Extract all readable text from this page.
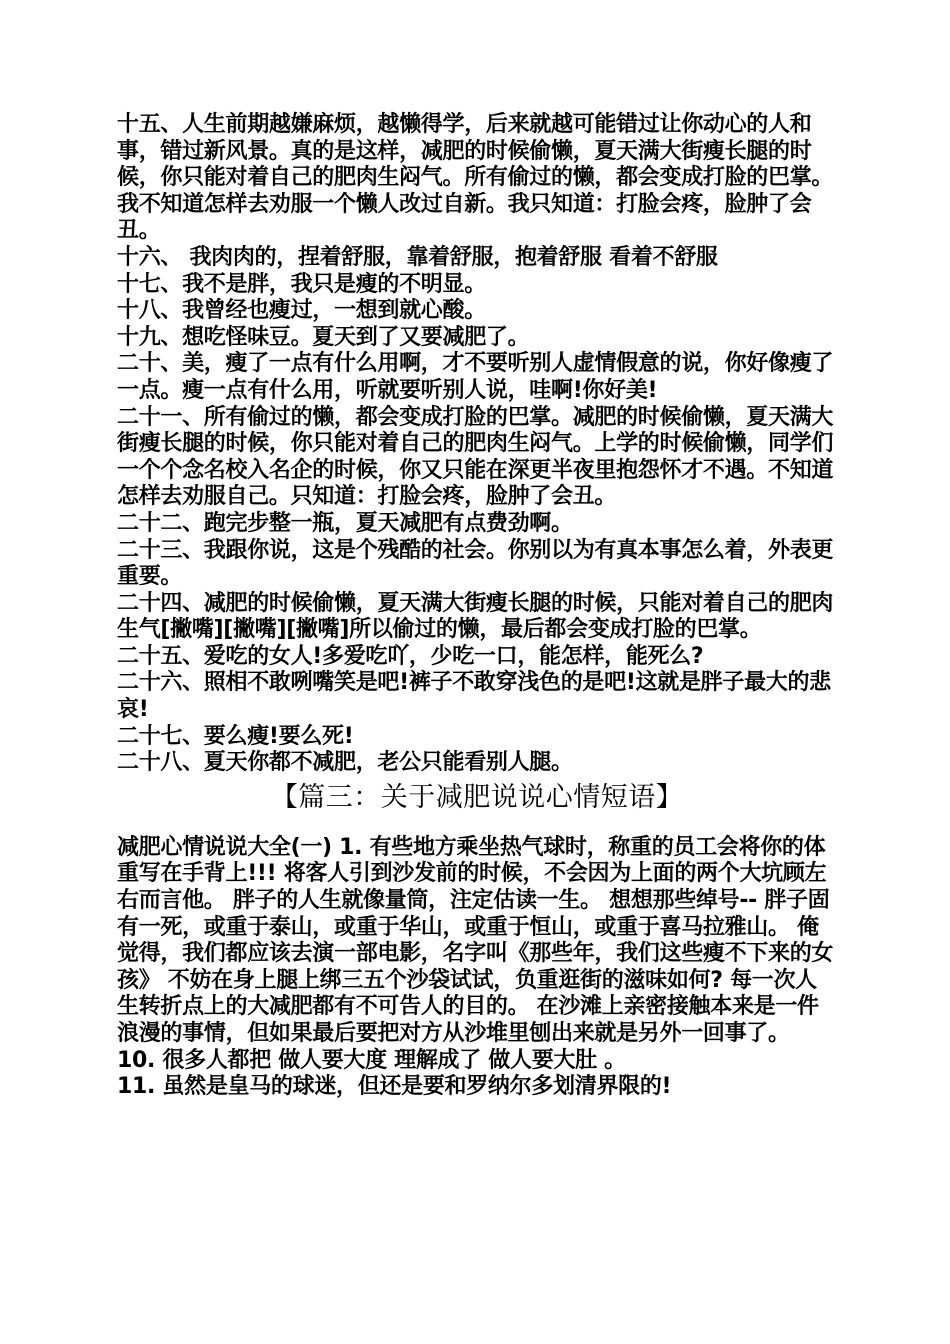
十五、人生前期越嫌麻烦，越懒得学，后来就越可能错过让你动心的人和事，错过新风景。真的是这样，减肥的时候偷懒，夏天满大街瘦长腿的时候，你只能对着自己的肥肉生闷气。所有偷过的懒，都会变成打脸的巴掌。我不知道怎样去劝服一个懒人改过自新。我只知道：打脸会疼，脸肿了会丑。

十六、 我肉肉的，捏着舒服，靠着舒服，抱着舒服 看着不舒服

十七、我不是胖，我只是瘦的不明显。

十八、我曾经也瘦过，一想到就心酸。

十九、想吃怪味豆。夏天到了又要减肥了。

二十、美，瘦了一点有什么用啊，才不要听别人虚情假意的说，你好像瘦了一点。瘦一点有什么用，听就要听别人说，哇啊!你好美!

二十一、所有偷过的懒，都会变成打脸的巴掌。减肥的时候偷懒，夏天满大街瘦长腿的时候，你只能对着自己的肥肉生闷气。上学的时候偷懒，同学们一个个念名校入名企的时候，你又只能在深更半夜里抱怨怀才不遇。不知道怎样去劝服自己。只知道：打脸会疼，脸肿了会丑。

二十二、跑完步整一瓶，夏天减肥有点费劲啊。

二十三、我跟你说，这是个残酷的社会。你别以为有真本事怎么着，外表更重要。

二十四、减肥的时候偷懒，夏天满大街瘦长腿的时候，只能对着自己的肥肉生气[撇嘴][撇嘴][撇嘴]所以偷过的懒，最后都会变成打脸的巴掌。

二十五、爱吃的女人!多爱吃吖，少吃一口，能怎样，能死么?

二十六、照相不敢咧嘴笑是吧!裤子不敢穿浅色的是吧!这就是胖子最大的悲哀!

二十七、要么瘦!要么死!

二十八、夏天你都不减肥，老公只能看别人腿。

【篇三：关于减肥说说心情短语】

减肥心情说说大全(一) 1. 有些地方乘坐热气球时，称重的员工会将你的体重写在手背上!!! 将客人引到沙发前的时候，不会因为上面的两个大坑顾左右而言他。 胖子的人生就像量筒，注定估读一生。 想想那些绰号-- 胖子固有一死，或重于泰山，或重于华山，或重于恒山，或重于喜马拉雅山。 俺觉得，我们都应该去演一部电影，名字叫《那些年，我们这些瘦不下来的女孩》 不妨在身上腿上绑三五个沙袋试试，负重逛街的滋味如何? 每一次人生转折点上的大减肥都有不可告人的目的。 在沙滩上亲密接触本来是一件浪漫的事情，但如果最后要把对方从沙堆里刨出来就是另外一回事了。

10. 很多人都把 做人要大度 理解成了 做人要大肚 。

11. 虽然是皇马的球迷，但还是要和罗纳尔多划清界限的!
